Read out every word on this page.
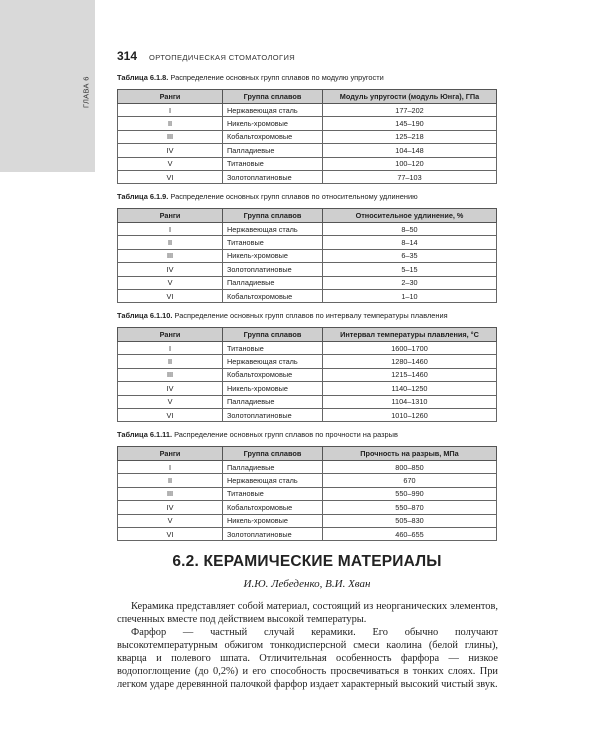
ГЛАВА 6
314 ОРТОПЕДИЧЕСКАЯ СТОМАТОЛОГИЯ
Таблица 6.1.8. Распределение основных групп сплавов по модулю упругости
Ранги	Группа сплавов	Модуль упругости (модуль Юнга), ГПа
I	Нержавеющая сталь	177–202
II	Никель-хромовые	145–190
III	Кобальтохромовые	125–218
IV	Палладиевые	104–148
V	Титановые	100–120
VI	Золотоплатиновые	77–103
Таблица 6.1.9. Распределение основных групп сплавов по относительному удлинению
Ранги	Группа сплавов	Относительное удлинение, %
I	Нержавеющая сталь	8–50
II	Титановые	8–14
III	Никель-хромовые	6–35
IV	Золотоплатиновые	5–15
V	Палладиевые	2–30
VI	Кобальтохромовые	1–10
Таблица 6.1.10. Распределение основных групп сплавов по интервалу температуры плавления
Ранги	Группа сплавов	Интервал температуры плавления, °С
I	Титановые	1600–1700
II	Нержавеющая сталь	1280–1460
III	Кобальтохромовые	1215–1460
IV	Никель-хромовые	1140–1250
V	Палладиевые	1104–1310
VI	Золотоплатиновые	1010–1260
Таблица 6.1.11. Распределение основных групп сплавов по прочности на разрыв
Ранги	Группа сплавов	Прочность на разрыв, МПа
I	Палладиевые	800–850
II	Нержавеющая сталь	670
III	Титановые	550–990
IV	Кобальтохромовые	550–870
V	Никель-хромовые	505–830
VI	Золотоплатиновые	460–655
6.2. КЕРАМИЧЕСКИЕ МАТЕРИАЛЫ
И.Ю. Лебеденко, В.И. Хван

Керамика представляет собой материал, состоящий из неорганических элементов, спеченных вместе под действием высокой температуры.

Фарфор — частный случай керамики. Его обычно получают высокотемпературным обжигом тонкодисперсной смеси каолина (белой глины), кварца и полевого шпата. Отличительная особенность фарфора — низкое водопоглощение (до 0,2%) и его способность просвечиваться в тонких слоях. При легком ударе деревянной палочкой фарфор издает характерный высокий чистый звук.
